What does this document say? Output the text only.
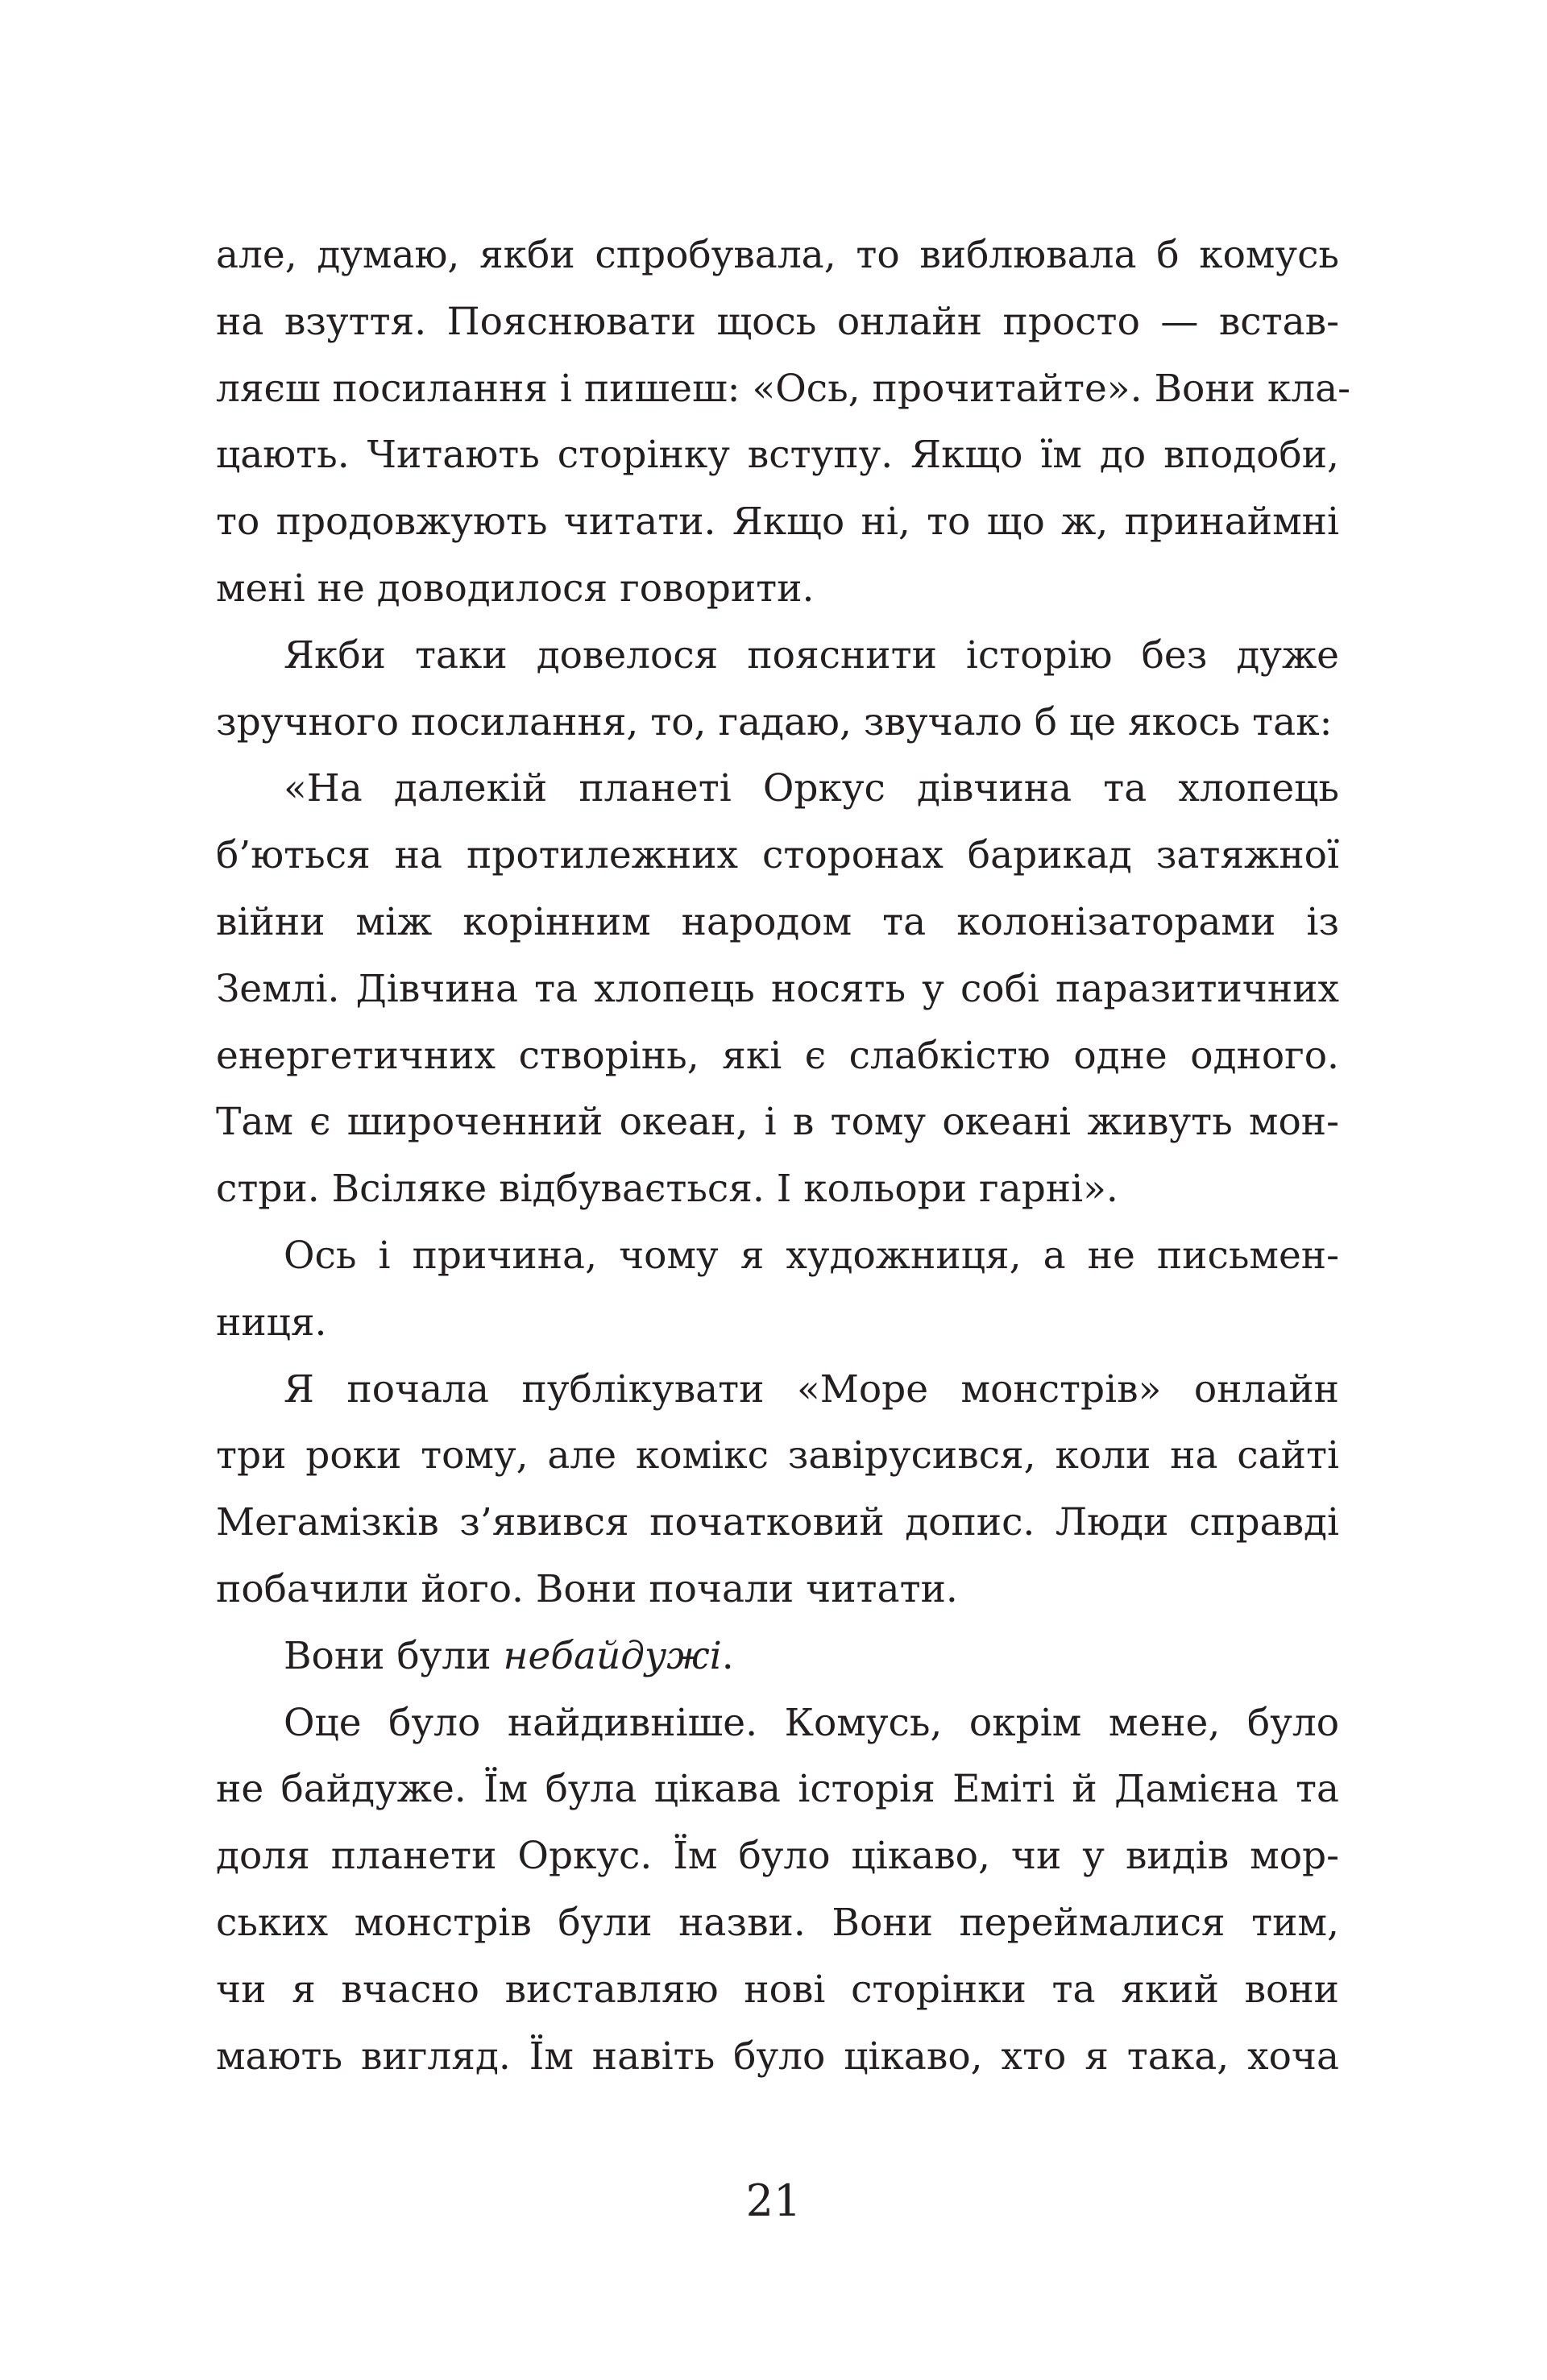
але, думаю, якби спробувала, то виблювала б комусь
на взуття. Пояснювати щось онлайн просто — встав-
ляєш посилання і пишеш: «Ось, прочитайте». Вони кла-
цають. Читають сторінку вступу. Якщо їм до вподоби,
то продовжують читати. Якщо ні, то що ж, принаймні
мені не доводилося говорити.
Якби таки довелося пояснити історію без дуже
зручного посилання, то, гадаю, звучало б це якось так:
«На далекій планеті Оркус дівчина та хлопець
б’ються на протилежних сторонах барикад затяжної
війни між корінним народом та колонізаторами із
Землі. Дівчина та хлопець носять у собі паразитичних
енергетичних створінь, які є слабкістю одне одного.
Там є широченний океан, і в тому океані живуть мон-
стри. Всіляке відбувається. І кольори гарні».
Ось і причина, чому я художниця, а не письмен-
ниця.
Я почала публікувати «Море монстрів» онлайн
три роки тому, але комікс завірусився, коли на сайті
Мегамізків з’явився початковий допис. Люди справді
побачили його. Вони почали читати.
Вони були небайдужі.
Оце було найдивніше. Комусь, окрім мене, було
не байдуже. Їм була цікава історія Еміті й Дамієна та
доля планети Оркус. Їм було цікаво, чи у видів мор-
ських монстрів були назви. Вони переймалися тим,
чи я вчасно виставляю нові сторінки та який вони
мають вигляд. Їм навіть було цікаво, хто я така, хоча
21
